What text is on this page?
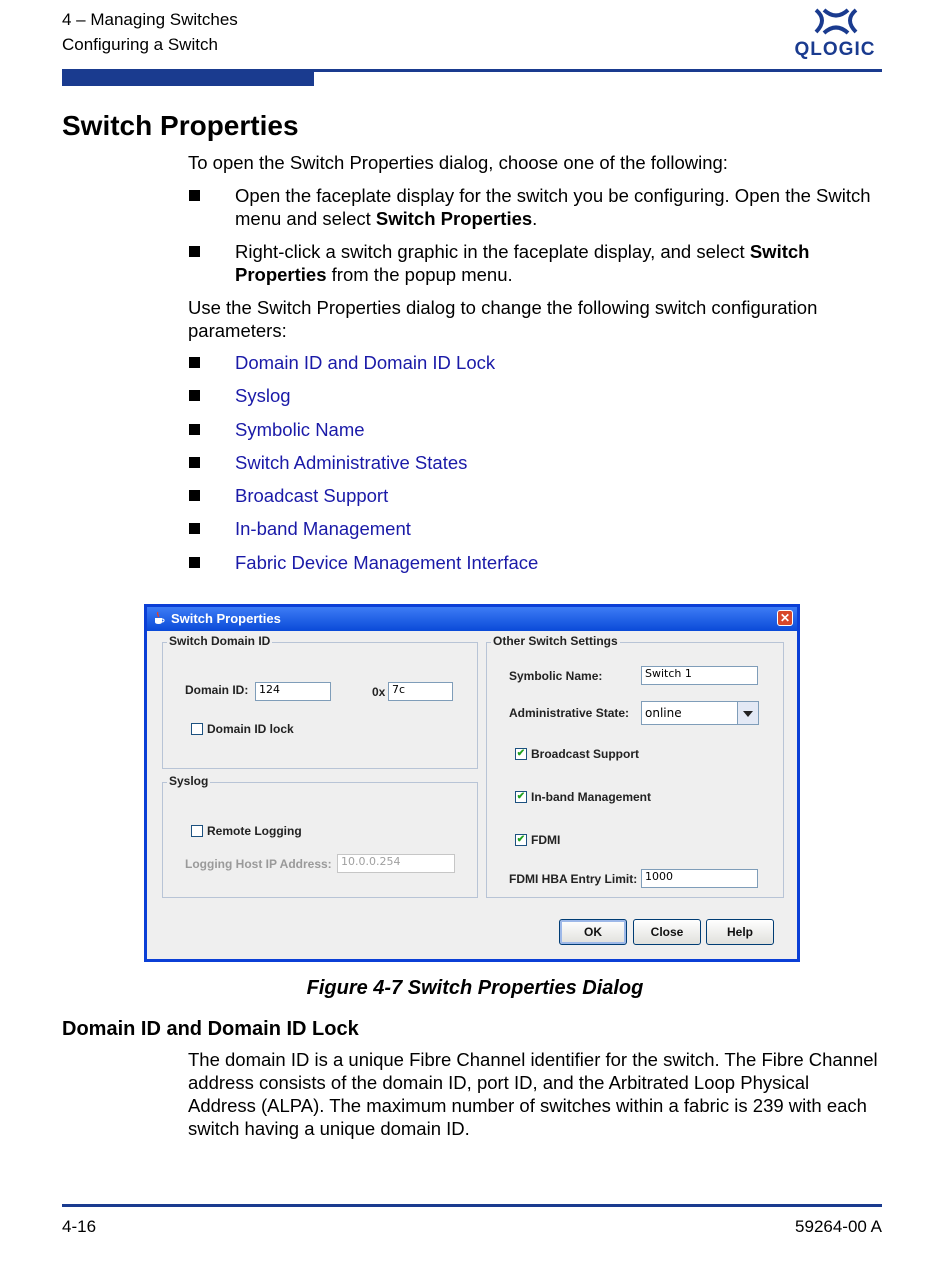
4 – Managing Switches
Configuring a Switch	QLOGIC
Switch Properties

To open the Switch Properties dialog, choose one of the following:

Open the faceplate display for the switch you be configuring. Open the Switch menu and select Switch Properties.
Right-click a switch graphic in the faceplate display, and select Switch Properties from the popup menu.

Use the Switch Properties dialog to change the following switch configuration parameters:

Domain ID and Domain ID Lock
Syslog
Symbolic Name
Switch Administrative States
Broadcast Support
In-band Management
Fabric Device Management Interface
Switch Properties	✕
Switch Domain ID
Domain ID: 124	0x 7c
Domain ID lock
Syslog
Remote Logging
Logging Host IP Address: 10.0.0.254
Other Switch Settings
Symbolic Name:	Switch 1
Administrative State: online
✔ Broadcast Support
✔ In-band Management
✔ FDMI
FDMI HBA Entry Limit: 1000
OK	Close	Help
Figure 4-7 Switch Properties Dialog
Domain ID and Domain ID Lock

The domain ID is a unique Fibre Channel identifier for the switch. The Fibre Channel address consists of the domain ID, port ID, and the Arbitrated Loop Physical Address (ALPA). The maximum number of switches within a fabric is 239 with each switch having a unique domain ID.

4-16	59264-00 A
